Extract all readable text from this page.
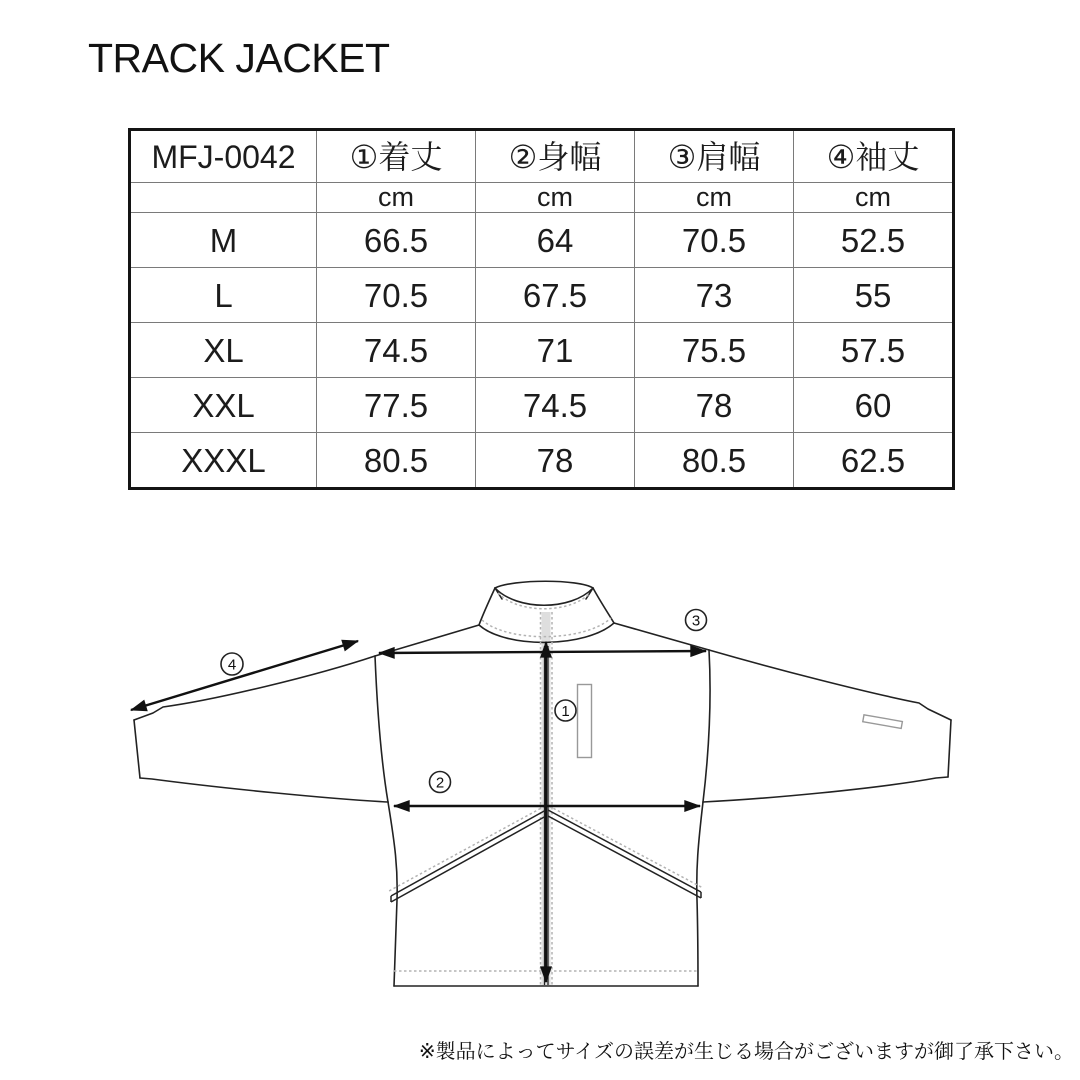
TRACK JACKET
MFJ-0042	①着丈	②身幅	③肩幅	④袖丈
	cm	cm	cm	cm
M	66.5	64	70.5	52.5
L	70.5	67.5	73	55
XL	74.5	71	75.5	57.5
XXL	77.5	74.5	78	60
XXXL	80.5	78	80.5	62.5
1
2
3
4
※製品によってサイズの誤差が生じる場合がございますが御了承下さい。
